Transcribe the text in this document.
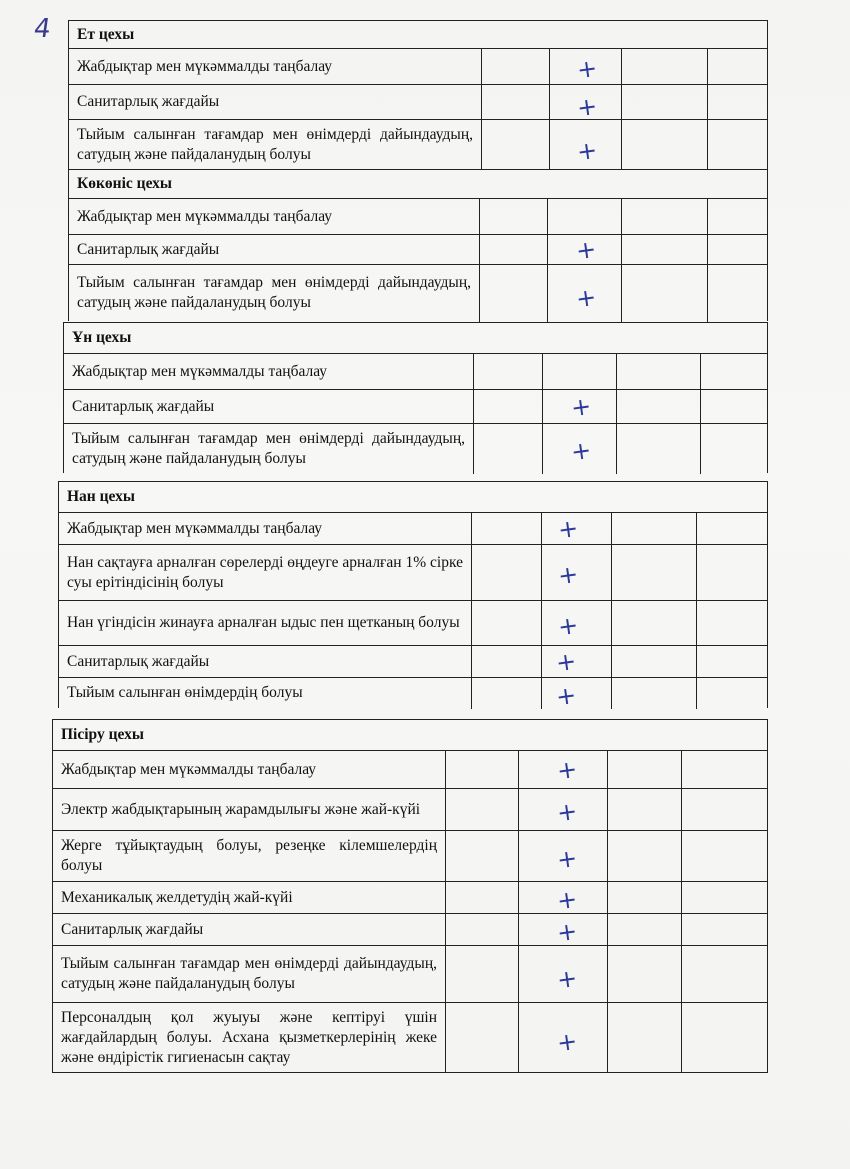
4 Ет цехы
Жабдықтар мен мүкәммалды таңбалау	+
Санитарлық жағдайы	+
Тыйым салынған тағамдар мен өнімдерді дайындаудың, сатудың және пайдаланудың болуы	+
Көкөніс цехы
Жабдықтар мен мүкәммалды таңбалау
Санитарлық жағдайы	+
Тыйым салынған тағамдар мен өнімдерді дайындаудың, сатудың және пайдаланудың болуы	+
Ұн цехы
Жабдықтар мен мүкәммалды таңбалау
Санитарлық жағдайы	+
Тыйым салынған тағамдар мен өнімдерді дайындаудың, сатудың және пайдаланудың болуы	+
Нан цехы
Жабдықтар мен мүкәммалды таңбалау	+
Нан сақтауға арналған сөрелерді өңдеуге арналған 1% сірке суы ерітіндісінің болуы	+
Нан үгіндісін жинауға арналған ыдыс пен щетканың болуы	+
Санитарлық жағдайы	+
Тыйым салынған өнімдердің болуы	+
Пісіру цехы
Жабдықтар мен мүкәммалды таңбалау	+
Электр жабдықтарының жарамдылығы және жай-күйі	+
Жерге тұйықтаудың болуы, резеңке кілемшелердің болуы	+
Механикалық желдетудің жай-күйі	+
Санитарлық жағдайы	+
Тыйым салынған тағамдар мен өнімдерді дайындаудың, сатудың және пайдаланудың болуы	+
Персоналдың қол жуыуы және кептіруі үшін жағдайлардың болуы. Асхана қызметкерлерінің жеке және өндірістік гигиенасын сақтау	+
